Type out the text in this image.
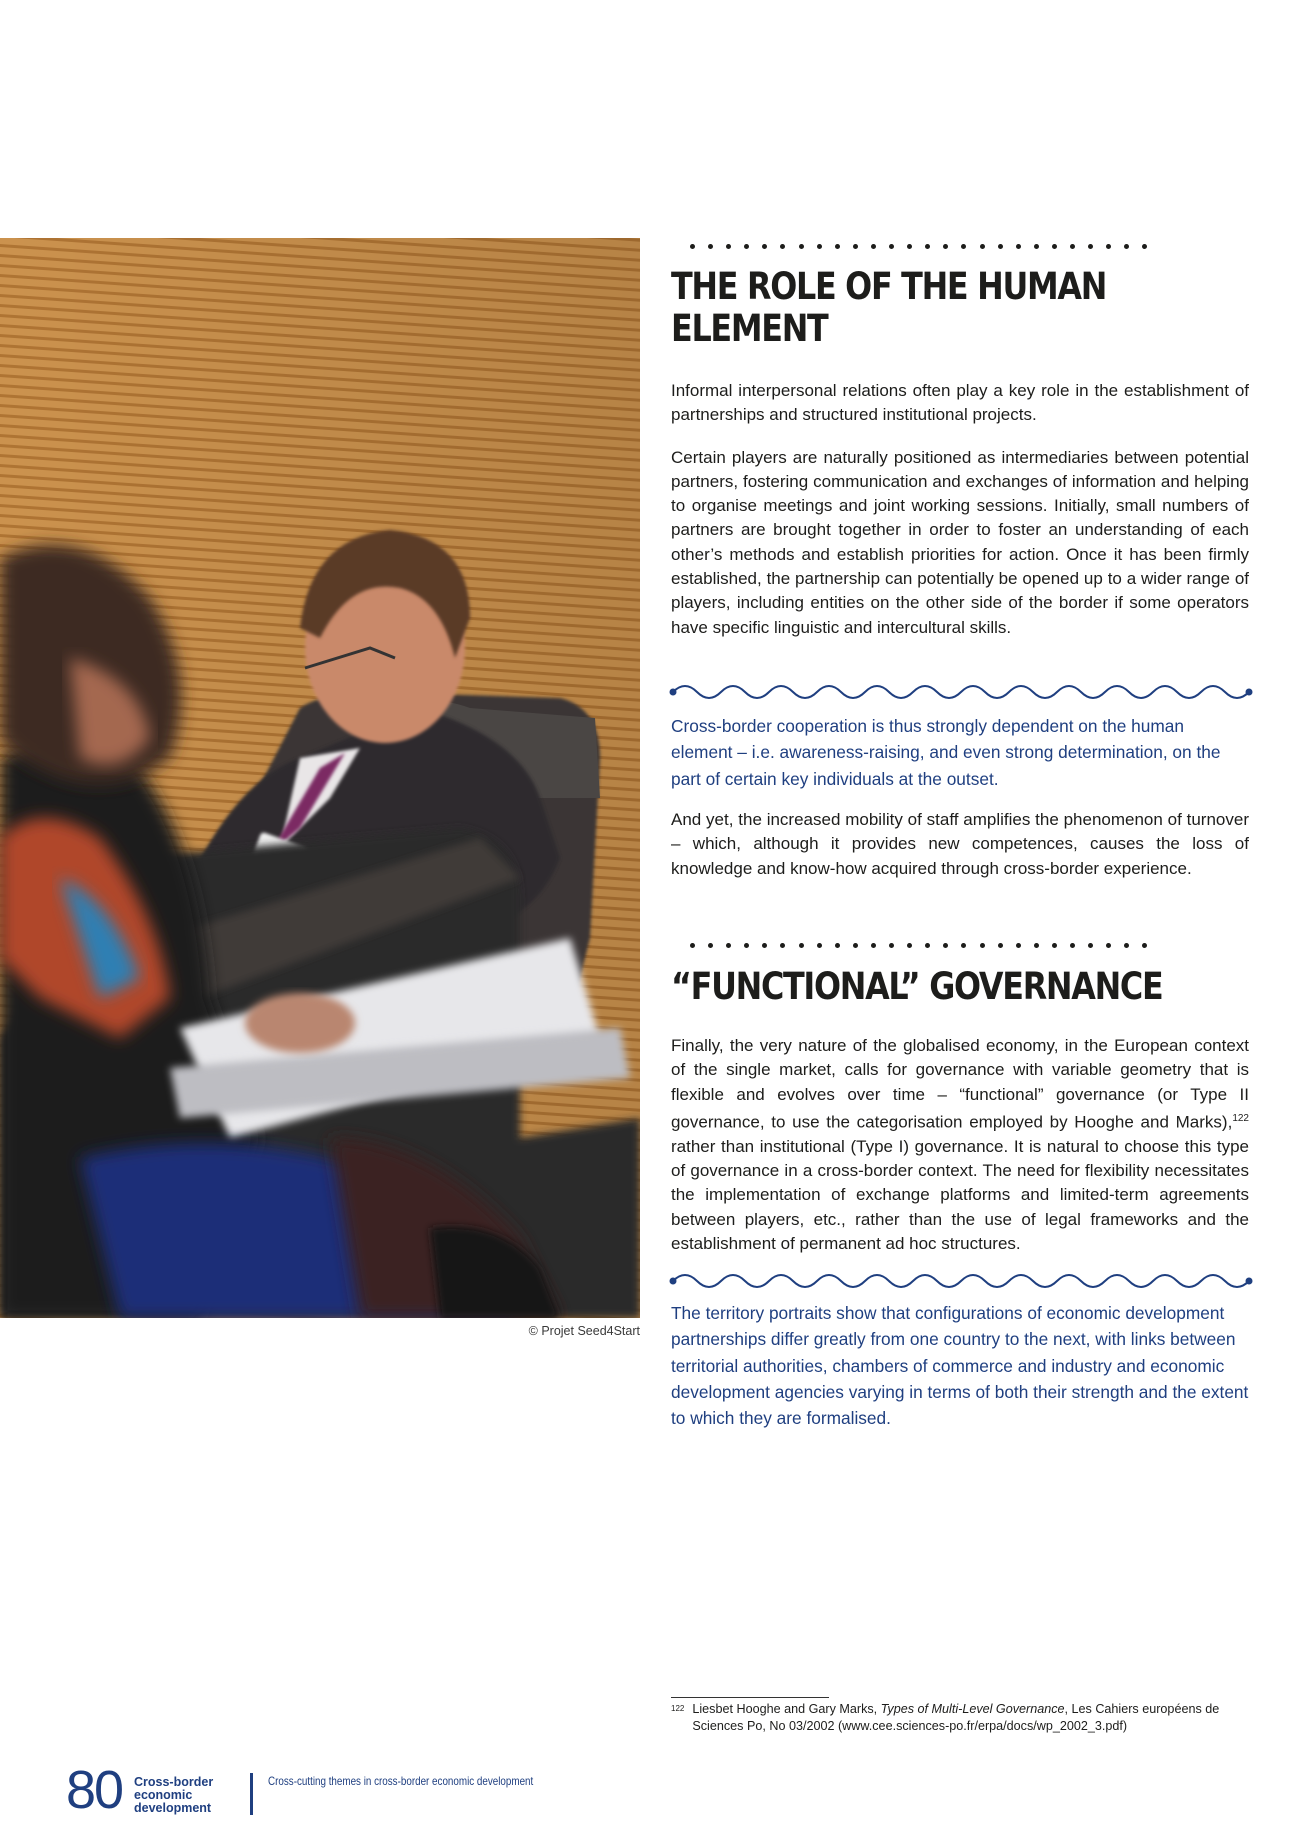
© Projet Seed4Start
THE ROLE OF THE HUMAN ELEMENT

Informal interpersonal relations often play a key role in the establishment of partnerships and structured institutional projects.

Certain players are naturally positioned as intermediaries between potential partners, fostering communication and exchanges of information and helping to organise meetings and joint working sessions. Initially, small numbers of partners are brought together in order to foster an understanding of each other’s methods and establish priorities for action. Once it has been firmly established, the partnership can potentially be opened up to a wider range of players, including entities on the other side of the border if some operators have specific linguistic and intercultural skills.

Cross-border cooperation is thus strongly dependent on the human element – i.e. awareness-raising, and even strong determination, on the part of certain key individuals at the outset.

And yet, the increased mobility of staff amplifies the phenomenon of turnover – which, although it provides new competences, causes the loss of knowledge and know-how acquired through cross-border experience.

“FUNCTIONAL” GOVERNANCE

Finally, the very nature of the globalised economy, in the European context of the single market, calls for governance with variable geometry that is flexible and evolves over time – “functional” governance (or Type II governance, to use the categorisation employed by Hooghe and Marks),$^{122}$ rather than institutional (Type I) governance. It is natural to choose this type of governance in a cross-border context. The need for flexibility necessitates the implementation of exchange platforms and limited-term agreements between players, etc., rather than the use of legal frameworks and the establishment of permanent ad hoc structures.

The territory portraits show that configurations of economic development partnerships differ greatly from one country to the next, with links between territorial authorities, chambers of commerce and industry and economic development agencies varying in terms of both their strength and the extent to which they are formalised.

$^{122}$ Liesbet Hooghe and Gary Marks, Types of Multi-Level Governance, Les Cahiers européens de Sciences Po, No 03/2002 (www.cee.sciences-po.fr/erpa/docs/wp_2002_3.pdf)
80 Cross-border
economic
development
Cross-cutting themes in cross-border economic development
